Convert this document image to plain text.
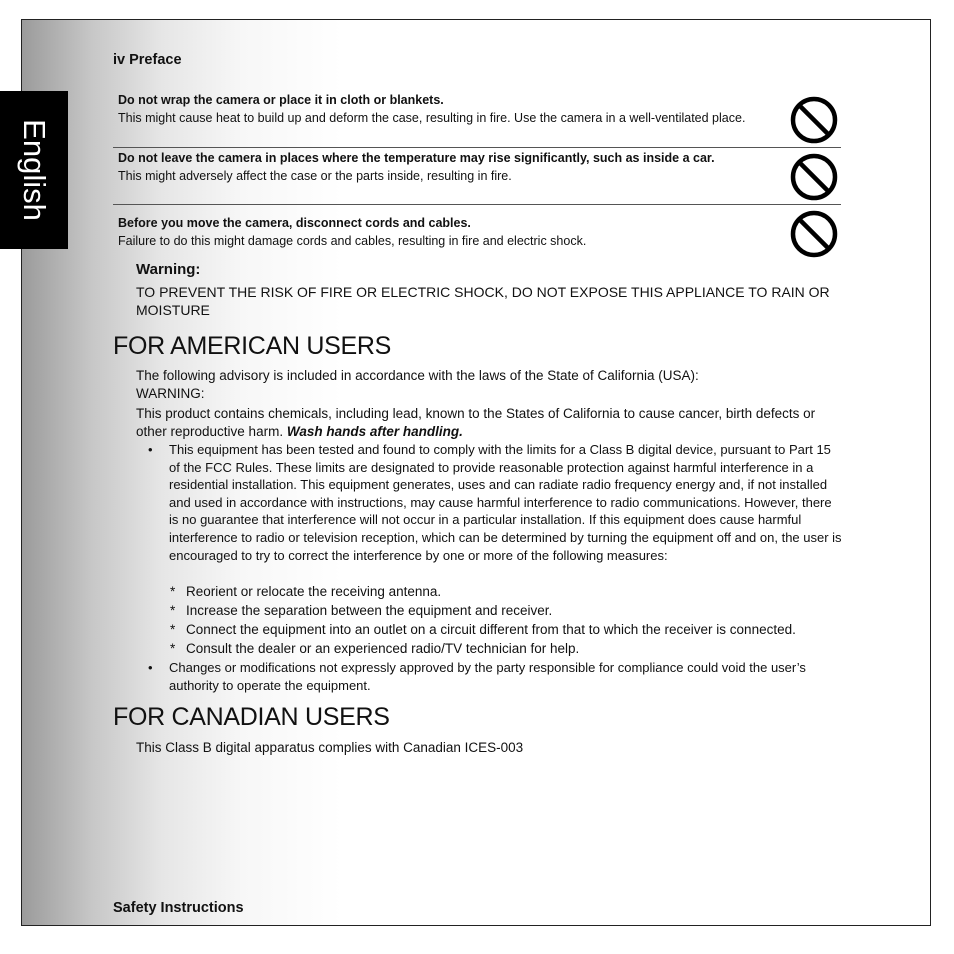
English
iv Preface
Do not wrap the camera or place it in cloth or blankets.
This might cause heat to build up and deform the case, resulting in fire. Use the camera in a well-ventilated place.
Do not leave the camera in places where the temperature may rise significantly, such as inside a car.
This might adversely affect the case or the parts inside, resulting in fire.
Before you move the camera, disconnect cords and cables.
Failure to do this might damage cords and cables, resulting in fire and electric shock.
Warning:
TO PREVENT THE RISK OF FIRE OR ELECTRIC SHOCK, DO NOT EXPOSE THIS APPLIANCE TO RAIN OR MOISTURE
FOR AMERICAN USERS
The following advisory is included in accordance with the laws of the State of California (USA):
WARNING:
This product contains chemicals, including lead, known to the States of California to cause cancer, birth defects or other reproductive harm. Wash hands after handling.
• This equipment has been tested and found to comply with the limits for a Class B digital device, pursuant to Part 15 of the FCC Rules. These limits are designated to provide reasonable protection against harmful interference in a residential installation. This equipment generates, uses and can radiate radio frequency energy and, if not installed and used in accordance with instructions, may cause harmful interference to radio communications. However, there is no guarantee that interference will not occur in a particular installation. If this equipment does cause harmful interference to radio or television reception, which can be determined by turning the equipment off and on, the user is encouraged to try to correct the interference by one or more of the following measures:
* Reorient or relocate the receiving antenna.
* Increase the separation between the equipment and receiver.
* Connect the equipment into an outlet on a circuit different from that to which the receiver is connected.
* Consult the dealer or an experienced radio/TV technician for help.
• Changes or modifications not expressly approved by the party responsible for compliance could void the user’s authority to operate the equipment.
FOR CANADIAN USERS
This Class B digital apparatus complies with Canadian ICES-003
Safety Instructions
